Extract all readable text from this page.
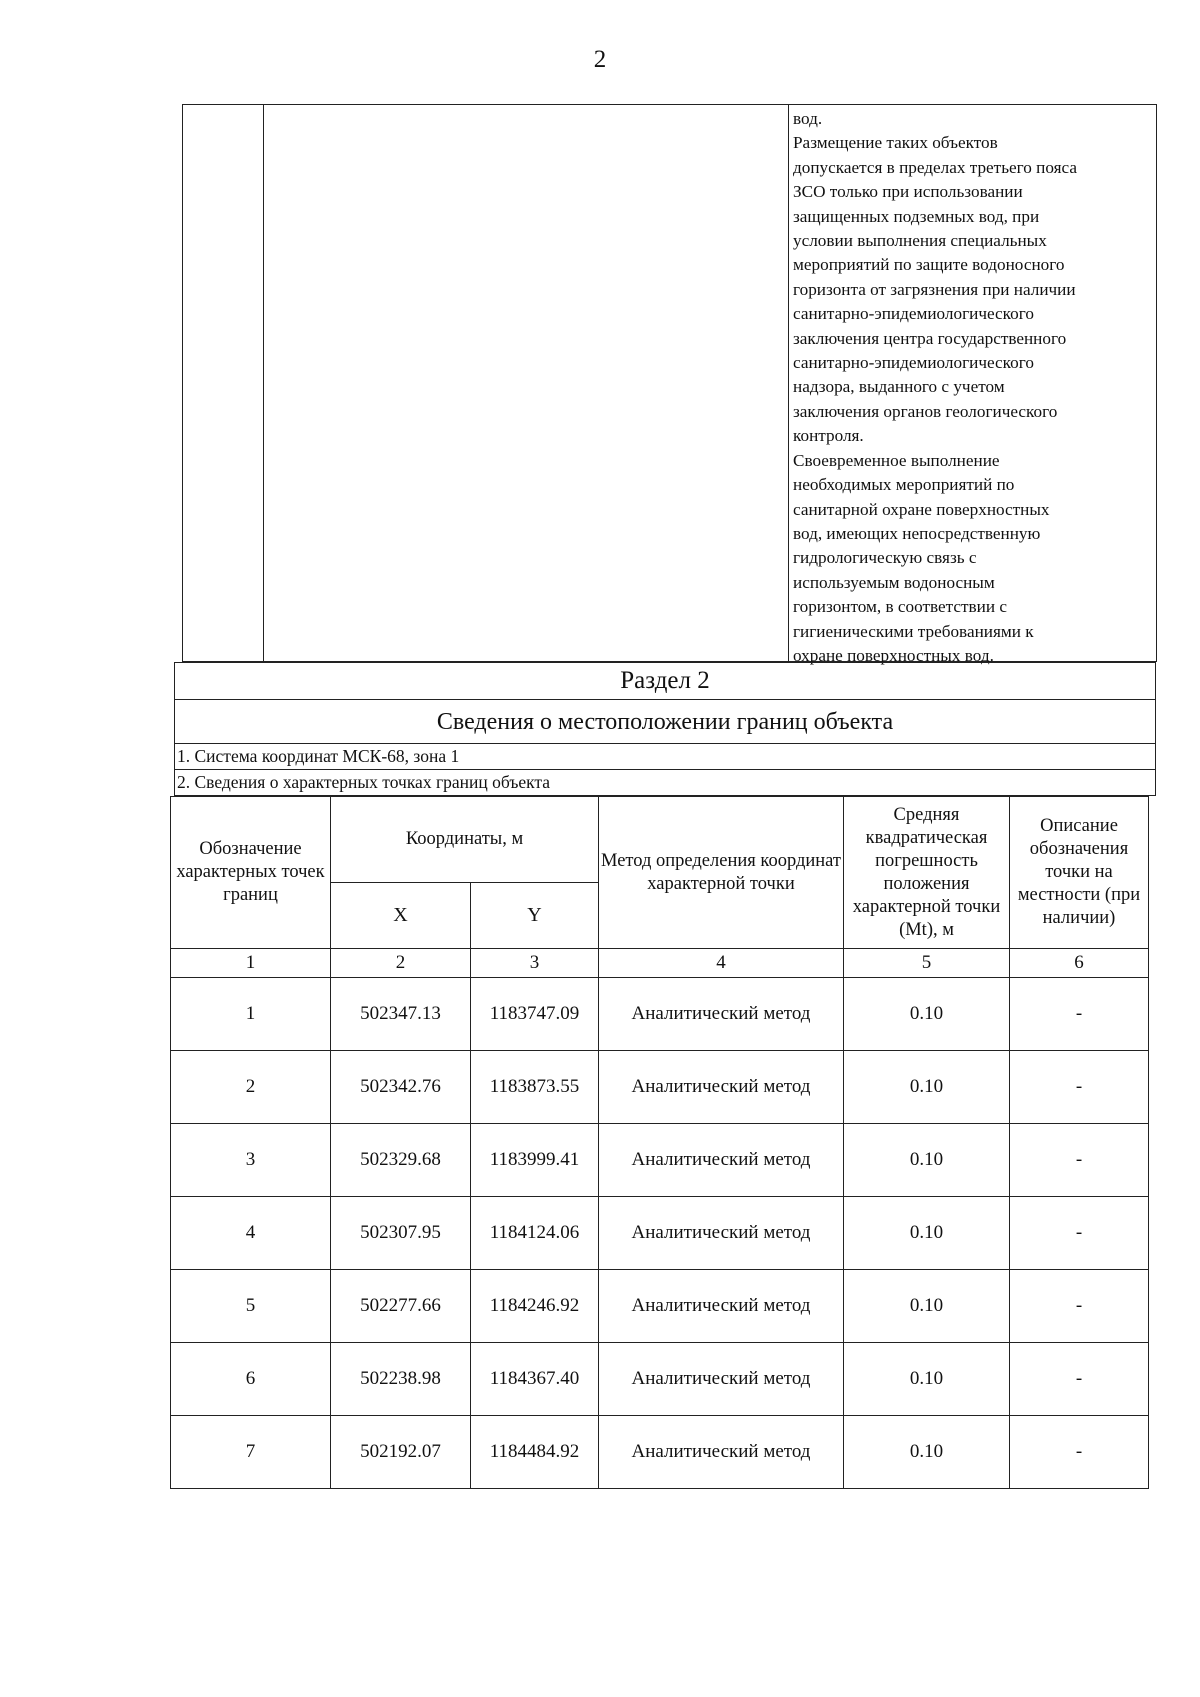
2
вод.
Размещение таких объектов
допускается в пределах третьего пояса
ЗСО только при использовании
защищенных подземных вод, при
условии выполнения специальных
мероприятий по защите водоносного
горизонта от загрязнения при наличии
санитарно-эпидемиологического
заключения центра государственного
санитарно-эпидемиологического
надзора, выданного с учетом
заключения органов геологического
контроля.
Своевременное выполнение
необходимых мероприятий по
санитарной охране поверхностных
вод, имеющих непосредственную
гидрологическую связь с
используемым водоносным
горизонтом, в соответствии с
гигиеническими требованиями к
охране поверхностных вод.
Раздел 2
Сведения о местоположении границ объекта
1. Система координат МСК-68, зона 1
2. Сведения о характерных точках границ объекта
Обозначение характерных точек границ	Координаты, м		Метод определения координат характерной точки	Средняя квадратическая погрешность положения характерной точки (Mt), м	Описание обозначения точки на местности (при наличии)
	X	Y			
1	2	3	4	5	6
1	502347.13	1183747.09	Аналитический метод	0.10	-
2	502342.76	1183873.55	Аналитический метод	0.10	-
3	502329.68	1183999.41	Аналитический метод	0.10	-
4	502307.95	1184124.06	Аналитический метод	0.10	-
5	502277.66	1184246.92	Аналитический метод	0.10	-
6	502238.98	1184367.40	Аналитический метод	0.10	-
7	502192.07	1184484.92	Аналитический метод	0.10	-
